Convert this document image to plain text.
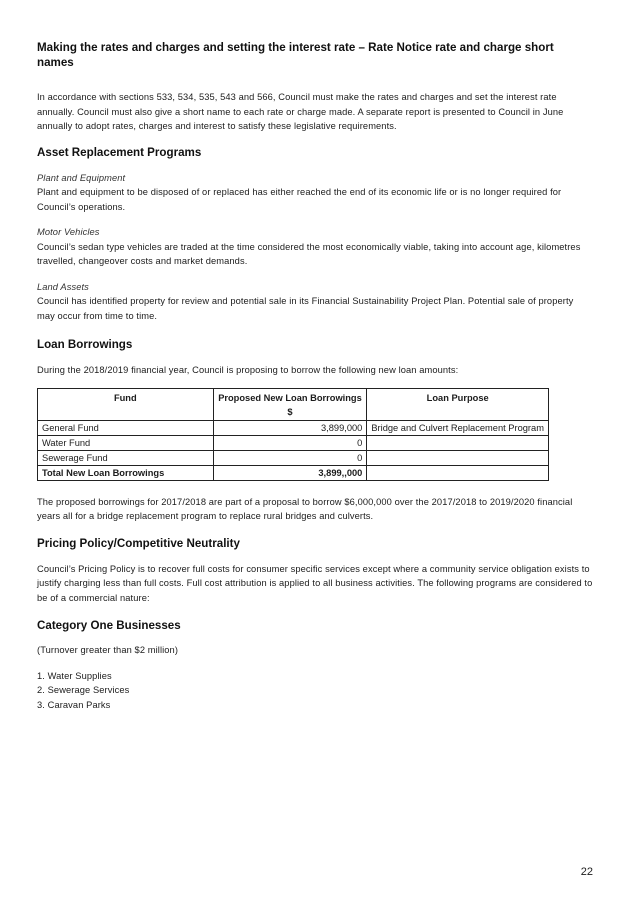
Making the rates and charges and setting the interest rate – Rate Notice rate and charge short names

In accordance with sections 533, 534, 535, 543 and 566, Council must make the rates and charges and set the interest rate annually. Council must also give a short name to each rate or charge made. A separate report is presented to Council in June annually to adopt rates, charges and interest to satisfy these legislative requirements.

Asset Replacement Programs

Plant and Equipment

Plant and equipment to be disposed of or replaced has either reached the end of its economic life or is no longer required for Council’s operations.

Motor Vehicles

Council’s sedan type vehicles are traded at the time considered the most economically viable, taking into account age, kilometres travelled, changeover costs and market demands.

Land Assets

Council has identified property for review and potential sale in its Financial Sustainability Project Plan. Potential sale of property may occur from time to time.

Loan Borrowings

During the 2018/2019 financial year, Council is proposing to borrow the following new loan amounts:

Fund	Proposed New Loan Borrowings $	Loan Purpose
General Fund	3,899,000	Bridge and Culvert Replacement Program
Water Fund	0	
Sewerage Fund	0	
Total New Loan Borrowings	3,899,,000	

The proposed borrowings for 2017/2018 are part of a proposal to borrow $6,000,000 over the 2017/2018 to 2019/2020 financial years all for a bridge replacement program to replace rural bridges and culverts.

Pricing Policy/Competitive Neutrality

Council’s Pricing Policy is to recover full costs for consumer specific services except where a community service obligation exists to justify charging less than full costs. Full cost attribution is applied to all business activities. The following programs are considered to be of a commercial nature:

Category One Businesses

(Turnover greater than $2 million)

1. Water Supplies

2. Sewerage Services

3. Caravan Parks

22
